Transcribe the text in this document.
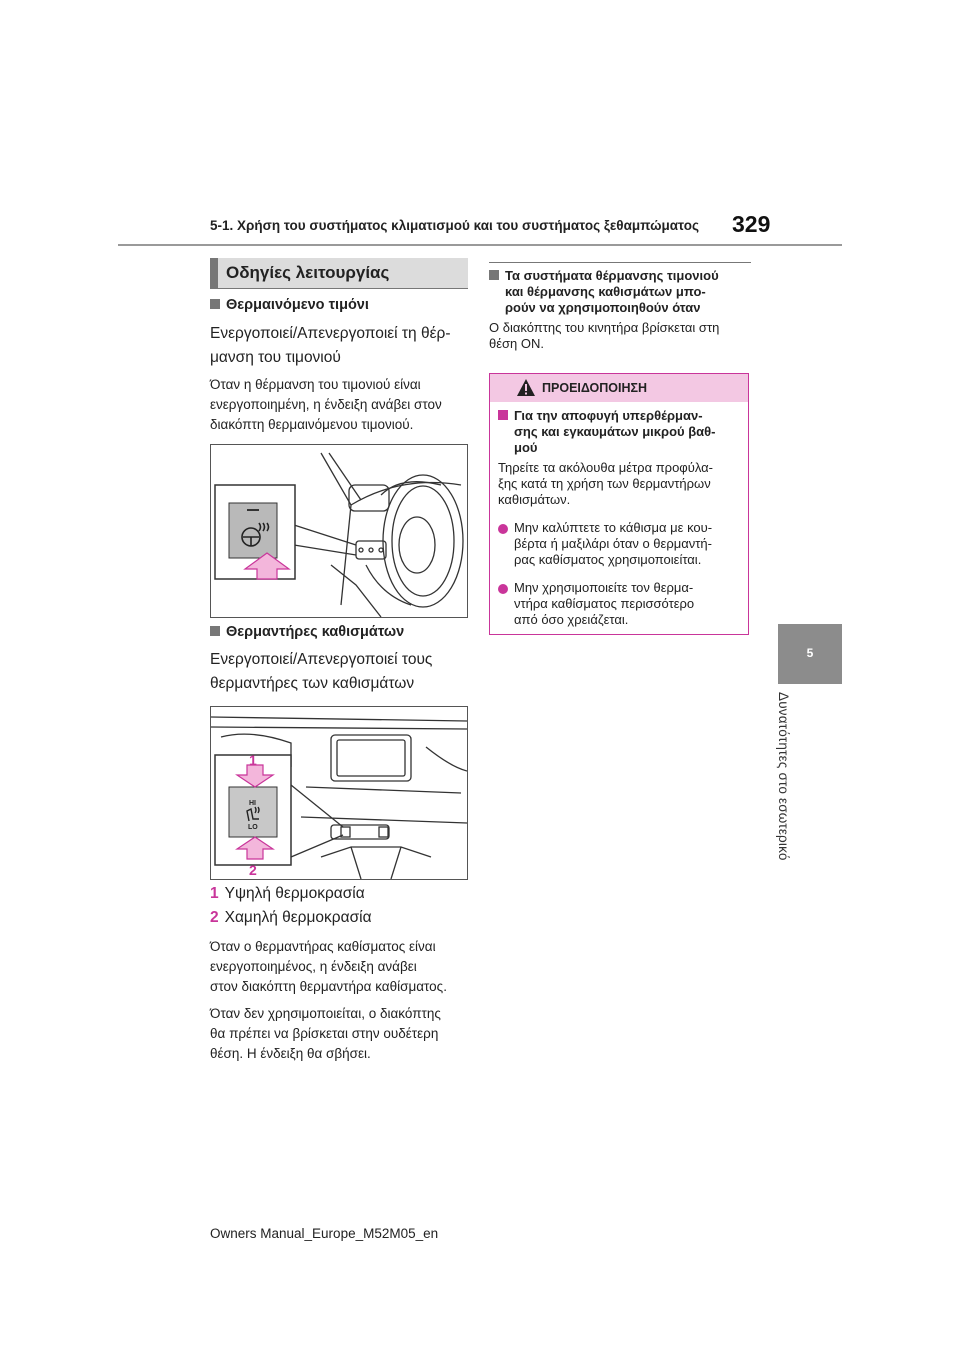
5-1. Χρήση του συστήματος κλιματισμού και του συστήματος ξεθαμπώματος	329
5
Δυνατότητες στο εσωτερικό
Οδηγίες λειτουργίας
Θερμαινόμενο τιμόνι
Ενεργοποιεί/Απενεργοποιεί τη θέρ-
μανση του τιμονιού
Όταν η θέρμανση του τιμονιού είναι
ενεργοποιημένη, η ένδειξη ανάβει στον
διακόπτη θερμαινόμενου τιμονιού.
Θερμαντήρες καθισμάτων
Ενεργοποιεί/Απενεργοποιεί τους
θερμαντήρες των καθισμάτων
HI
LO
1
2
1 Υψηλή θερμοκρασία
2 Χαμηλή θερμοκρασία
Όταν ο θερμαντήρας καθίσματος είναι
ενεργοποιημένος, η ένδειξη ανάβει
στον διακόπτη θερμαντήρα καθίσματος.
Όταν δεν χρησιμοποιείται, ο διακόπτης
θα πρέπει να βρίσκεται στην ουδέτερη
θέση. Η ένδειξη θα σβήσει.
Τα συστήματα θέρμανσης τιμονιού
και θέρμανσης καθισμάτων μπο-
ρούν να χρησιμοποιηθούν όταν
Ο διακόπτης του κινητήρα βρίσκεται στη
θέση ON.
ΠΡΟΕΙΔΟΠΟΙΗΣΗ
Για την αποφυγή υπερθέρμαν-
σης και εγκαυμάτων μικρού βαθ-
μού
Τηρείτε τα ακόλουθα μέτρα προφύλα-
ξης κατά τη χρήση των θερμαντήρων
καθισμάτων.
Μην καλύπτετε το κάθισμα με κου-
βέρτα ή μαξιλάρι όταν ο θερμαντή-
ρας καθίσματος χρησιμοποιείται.
Μην χρησιμοποιείτε τον θερμα-
ντήρα καθίσματος περισσότερο
από όσο χρειάζεται.
Owners Manual_Europe_M52M05_en
